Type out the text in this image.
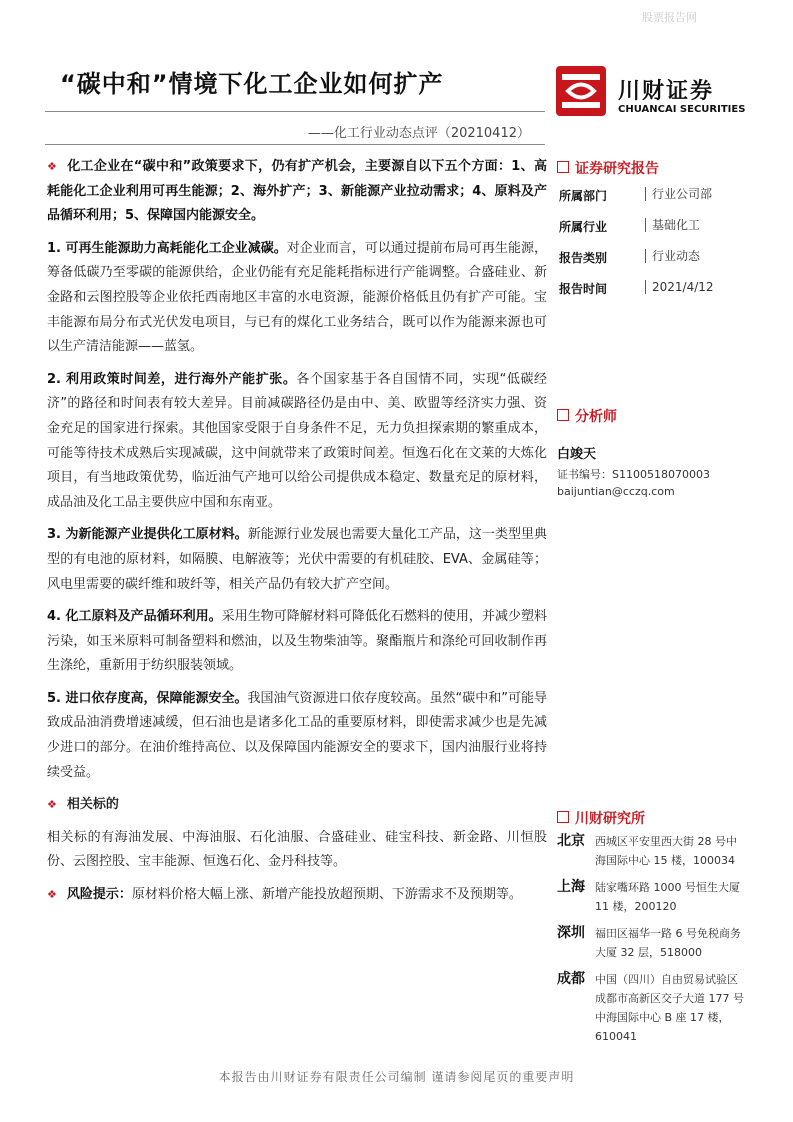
股票报告网
“碳中和”情境下化工企业如何扩产
——化工行业动态点评（20210412）
川财证券
CHUANCAI SECURITIES

❖ 化工企业在“碳中和”政策要求下，仍有扩产机会，主要源自以下五个方面：1、高耗能化工企业利用可再生能源；2、海外扩产；3、新能源产业拉动需求；4、原料及产品循环利用；5、保障国内能源安全。

1. 可再生能源助力高耗能化工企业减碳。对企业而言，可以通过提前布局可再生能源，筹备低碳乃至零碳的能源供给，企业仍能有充足能耗指标进行产能调整。合盛硅业、新金路和云图控股等企业依托西南地区丰富的水电资源，能源价格低且仍有扩产可能。宝丰能源布局分布式光伏发电项目，与已有的煤化工业务结合，既可以作为能源来源也可以生产清洁能源——蓝氢。

2. 利用政策时间差，进行海外产能扩张。各个国家基于各自国情不同，实现“低碳经济”的路径和时间表有较大差异。目前减碳路径仍是由中、美、欧盟等经济实力强、资金充足的国家进行探索。其他国家受限于自身条件不足，无力负担探索期的繁重成本，可能等待技术成熟后实现减碳，这中间就带来了政策时间差。恒逸石化在文莱的大炼化项目，有当地政策优势，临近油气产地可以给公司提供成本稳定、数量充足的原材料，成品油及化工品主要供应中国和东南亚。

3. 为新能源产业提供化工原材料。新能源行业发展也需要大量化工产品，这一类型里典型的有电池的原材料，如隔膜、电解液等；光伏中需要的有机硅胶、EVA、金属硅等；风电里需要的碳纤维和玻纤等，相关产品仍有较大扩产空间。

4. 化工原料及产品循环利用。采用生物可降解材料可降低化石燃料的使用，并减少塑料污染，如玉米原料可制备塑料和燃油，以及生物柴油等。聚酯瓶片和涤纶可回收制作再生涤纶，重新用于纺织服装领域。

5. 进口依存度高，保障能源安全。我国油气资源进口依存度较高。虽然“碳中和”可能导致成品油消费增速减缓，但石油也是诸多化工品的重要原材料，即使需求减少也是先减少进口的部分。在油价维持高位、以及保障国内能源安全的要求下，国内油服行业将持续受益。

❖ 相关标的

相关标的有海油发展、中海油服、石化油服、合盛硅业、硅宝科技、新金路、川恒股份、云图控股、宝丰能源、恒逸石化、金丹科技等。

❖ 风险提示：原材料价格大幅上涨、新增产能投放超预期、下游需求不及预期等。

证券研究报告
所属部门	行业公司部
所属行业	基础化工
报告类别	行业动态
报告时间	2021/4/12
分析师
白竣天
证书编号：S1100518070003
baijuntian@cczq.com
川财研究所
北京 西城区平安里西大街 28 号中海国际中心 15 楼，100034
上海 陆家嘴环路 1000 号恒生大厦 11 楼，200120
深圳 福田区福华一路 6 号免税商务大厦 32 层，518000
成都 中国（四川）自由贸易试验区成都市高新区交子大道 177 号中海国际中心 B 座 17 楼，610041
本报告由川财证券有限责任公司编制 谨请参阅尾页的重要声明
